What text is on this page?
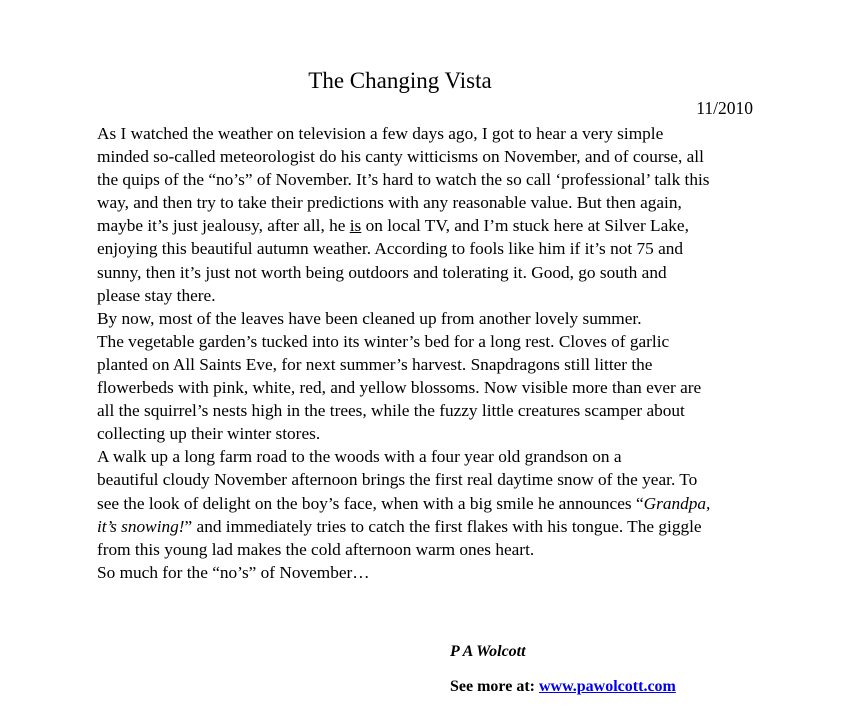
The Changing Vista
11/2010

As I watched the weather on television a few days ago, I got to hear a very simple
minded so-called meteorologist do his canty witticisms on November, and of course, all
the quips of the “no’s” of November. It’s hard to watch the so call ‘professional’ talk this
way, and then try to take their predictions with any reasonable value. But then again,
maybe it’s just jealousy, after all, he is on local TV, and I’m stuck here at Silver Lake,
enjoying this beautiful autumn weather. According to fools like him if it’s not 75 and
sunny, then it’s just not worth being outdoors and tolerating it. Good, go south and
please stay there.

By now, most of the leaves have been cleaned up from another lovely summer.
The vegetable garden’s tucked into its winter’s bed for a long rest. Cloves of garlic
planted on All Saints Eve, for next summer’s harvest. Snapdragons still litter the
flowerbeds with pink, white, red, and yellow blossoms. Now visible more than ever are
all the squirrel’s nests high in the trees, while the fuzzy little creatures scamper about
collecting up their winter stores.

A walk up a long farm road to the woods with a four year old grandson on a
beautiful cloudy November afternoon brings the first real daytime snow of the year. To
see the look of delight on the boy’s face, when with a big smile he announces “Grandpa,
it’s snowing!” and immediately tries to catch the first flakes with his tongue. The giggle
from this young lad makes the cold afternoon warm ones heart.

So much for the “no’s” of November…

P A Wolcott
See more at: www.pawolcott.com
